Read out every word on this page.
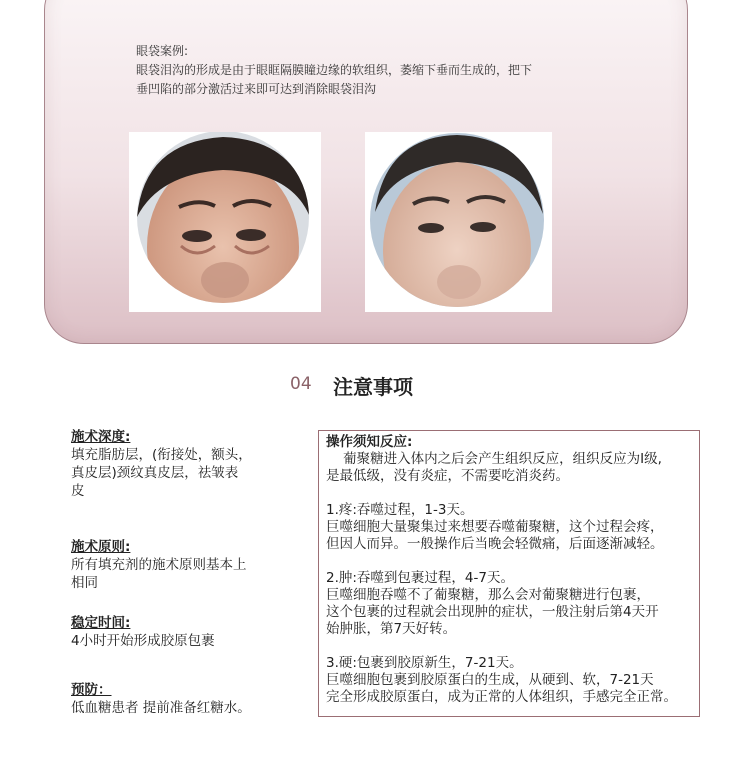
眼袋案例:
眼袋泪沟的形成是由于眼眶隔膜瞳边缘的软组织，萎缩下垂而生成的，把下
垂凹陷的部分激活过来即可达到消除眼袋泪沟
04 注意事项
施术深度:
填充脂肪层，(衔接处，额头，
真皮层)颈纹真皮层，祛皱表
皮
施术原则:
所有填充剂的施术原则基本上
相同
稳定时间:
4小时开始形成胶原包裹
预防：
低血糖患者 提前准备红糖水。
操作须知反应:
葡聚糖进入体内之后会产生组织反应，组织反应为I级,
是最低级，没有炎症，不需要吃消炎药。
1.疼:吞噬过程，1-3天。
巨噬细胞大量聚集过来想要吞噬葡聚糖，这个过程会疼，
但因人而异。一般操作后当晚会轻微痛，后面逐渐减轻。
2.肿:吞噬到包裹过程，4-7天。
巨噬细胞吞噬不了葡聚糖，那么会对葡聚糖进行包裹，
这个包裹的过程就会出现肿的症状，一般注射后第4天开
始肿胀，第7天好转。
3.硬:包裹到胶原新生，7-21天。
巨噬细胞包裹到胶原蛋白的生成，从硬到、软，7-21天
完全形成胶原蛋白，成为正常的人体组织，手感完全正常。
